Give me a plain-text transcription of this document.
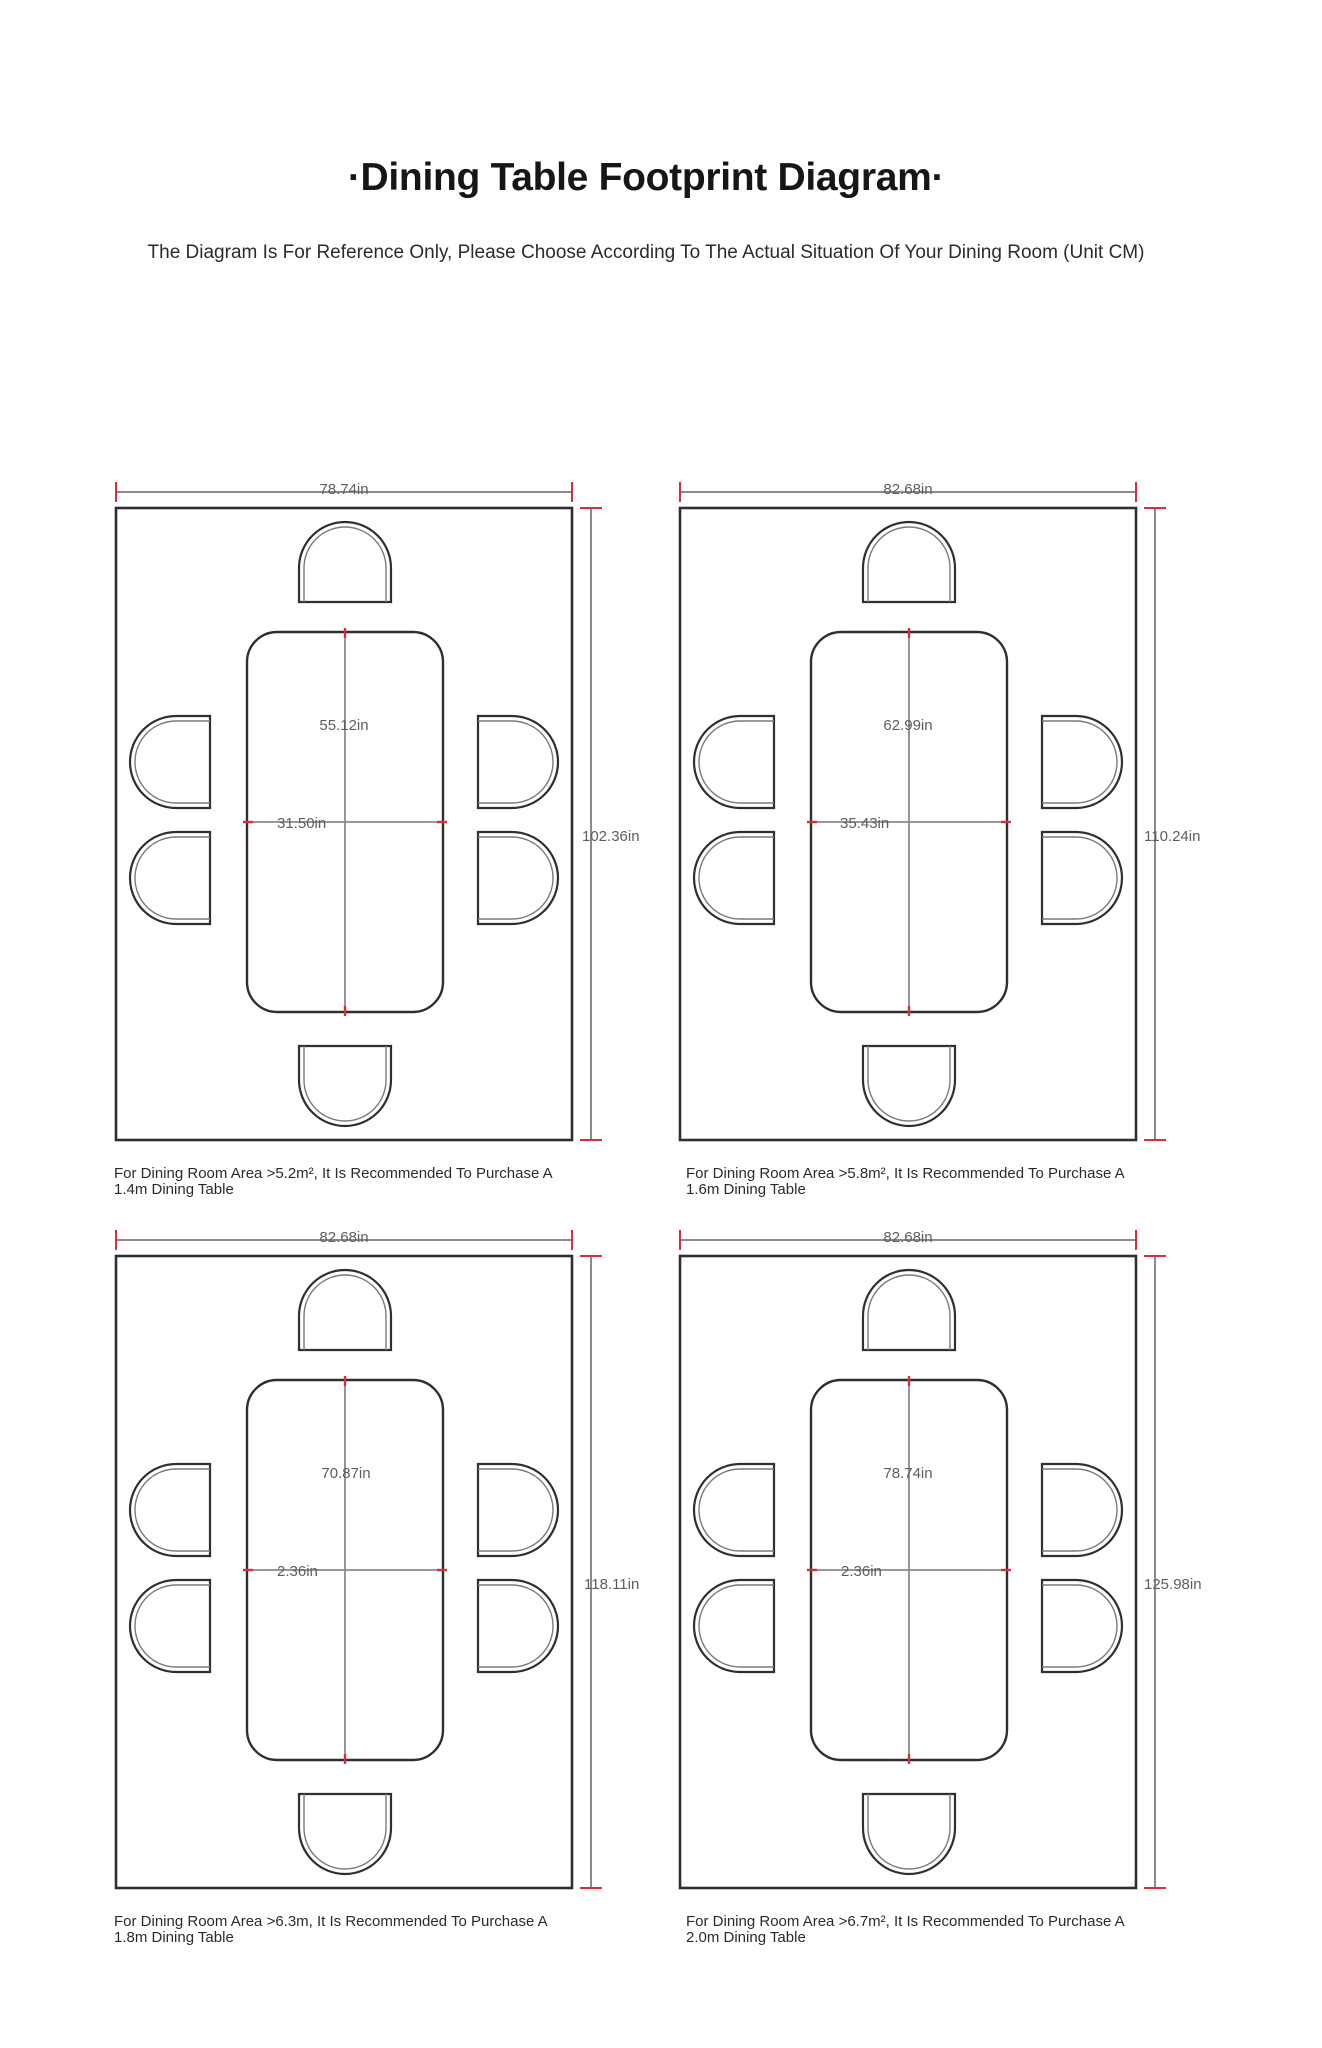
·Dining Table Footprint Diagram·
The Diagram Is For Reference Only, Please Choose According To The Actual Situation Of Your Dining Room (Unit CM)
78.74in
102.36in
55.12in
31.50in
For Dining Room Area >5.2m², It Is Recommended To Purchase A
1.4m Dining Table
82.68in
110.24in
62.99in
35.43in
For Dining Room Area >5.8m², It Is Recommended To Purchase A
1.6m Dining Table
82.68in
118.11in
70.87in
2.36in
For Dining Room Area >6.3m, It Is Recommended To Purchase A
1.8m Dining Table
82.68in
125.98in
78.74in
2.36in
For Dining Room Area >6.7m², It Is Recommended To Purchase A
2.0m Dining Table
